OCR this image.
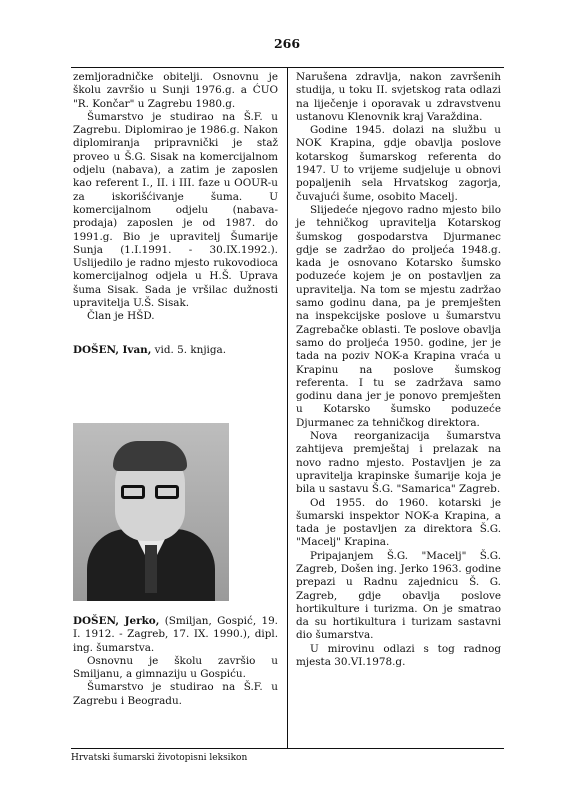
266

zemljoradničke obitelji. Osnovnu je školu završio u Sunji 1976.g. a ĆUO "R. Končar" u Zagrebu 1980.g.

Šumarstvo je studirao na Š.F. u Zagrebu. Diplomirao je 1986.g. Nakon diplomiranja pripravnički je staž proveo u Š.G. Sisak na komercijalnom odjelu (nabava), a zatim je zaposlen kao referent I., II. i III. faze u OOUR-u za iskorišćivanje šuma. U komercijalnom odjelu (nabava-prodaja) zaposlen je od 1987. do 1991.g. Bio je upravitelj Šumarije Sunja (1.I.1991. - 30.IX.1992.). Uslijedilo je radno mjesto rukovodioca komercijalnog odjela u H.Š. Uprava šuma Sisak. Sada je vršilac dužnosti upravitelja U.Š. Sisak.

Član je HŠD.

DOŠEN, Ivan, vid. 5. knjiga.

DOŠEN, Jerko, (Smiljan, Gospić, 19. I. 1912. - Zagreb, 17. IX. 1990.), dipl. ing. šumarstva.

Osnovnu je školu završio u Smiljanu, a gimnaziju u Gospiću.

Šumarstvo je studirao na Š.F. u Zagrebu i Beogradu.

Narušena zdravlja, nakon završenih studija, u toku II. svjetskog rata odlazi na liječenje i oporavak u zdravstvenu ustanovu Klenovnik kraj Varaždina.

Godine 1945. dolazi na službu u NOK Krapina, gdje obavlja poslove kotarskog šumarskog referenta do 1947. U to vrijeme sudjeluje u obnovi popaljenih sela Hrvatskog zagorja, čuvajući šume, osobito Macelj.

Slijedeće njegovo radno mjesto bilo je tehničkog upravitelja Kotarskog šumskog gospodarstva Djurmanec gdje se zadržao do proljeća 1948.g. kada je osnovano Kotarsko šumsko poduzeće kojem je on postavljen za upravitelja. Na tom se mjestu zadržao samo godinu dana, pa je premješten na inspekcijske poslove u šumarstvu Zagrebačke oblasti. Te poslove obavlja samo do proljeća 1950. godine, jer je tada na poziv NOK-a Krapina vraća u Krapinu na poslove šumskog referenta. I tu se zadržava samo godinu dana jer je ponovo premješten u Kotarsko šumsko poduzeće Djurmanec za tehničkog direktora.

Nova reorganizacija šumarstva zahtijeva premještaj i prelazak na novo radno mjesto. Postavljen je za upravitelja krapinske šumarije koja je bila u sastavu Š.G. "Samarica" Zagreb.

Od 1955. do 1960. kotarski je šumarski inspektor NOK-a Krapina, a tada je postavljen za direktora Š.G. "Macelj" Krapina.

Pripajanjem Š.G. "Macelj" Š.G. Zagreb, Došen ing. Jerko 1963. godine prepazi u Radnu zajednicu Š. G. Zagreb, gdje obavlja poslove hortikulture i turizma. On je smatrao da su hortikultura i turizam sastavni dio šumarstva.

U mirovinu odlazi s tog radnog mjesta 30.VI.1978.g.

Hrvatski šumarski životopisni leksikon
